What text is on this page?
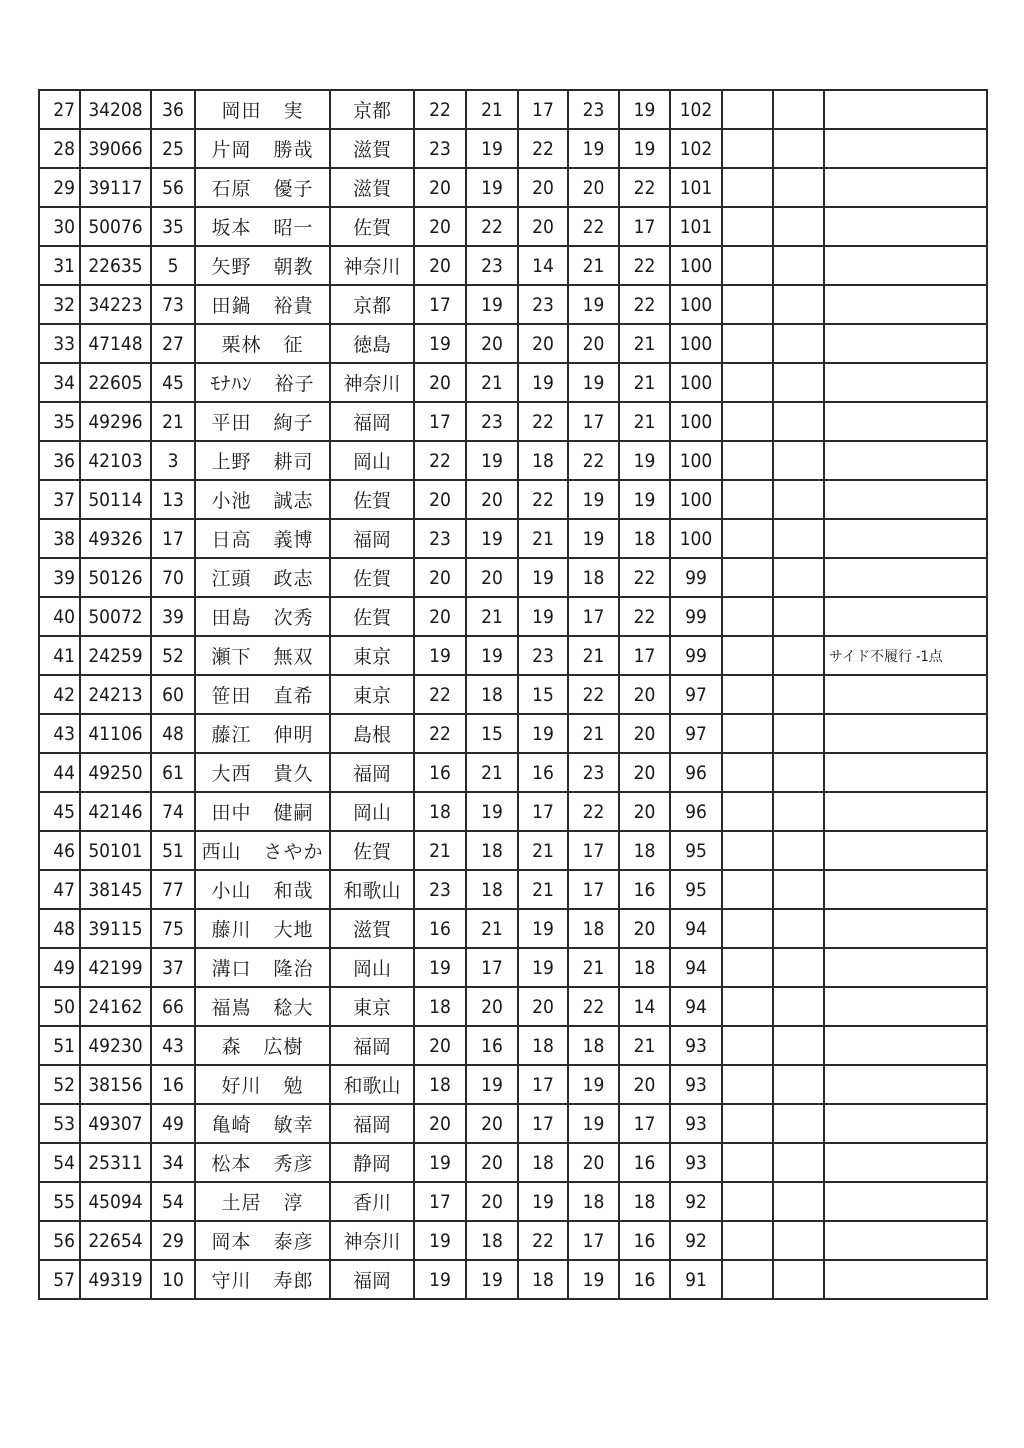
27	34208	36	岡田 実	京都	22	21	17	23	19	102			
28	39066	25	片岡 勝哉	滋賀	23	19	22	19	19	102			
29	39117	56	石原 優子	滋賀	20	19	20	20	22	101			
30	50076	35	坂本 昭一	佐賀	20	22	20	22	17	101			
31	22635	5	矢野 朝教	神奈川	20	23	14	21	22	100			
32	34223	73	田鍋 裕貴	京都	17	19	23	19	22	100			
33	47148	27	栗林 征	徳島	19	20	20	20	21	100			
34	22605	45	ﾓﾅﾊﾝ 裕子	神奈川	20	21	19	19	21	100			
35	49296	21	平田 絢子	福岡	17	23	22	17	21	100			
36	42103	3	上野 耕司	岡山	22	19	18	22	19	100			
37	50114	13	小池 誠志	佐賀	20	20	22	19	19	100			
38	49326	17	日高 義博	福岡	23	19	21	19	18	100			
39	50126	70	江頭 政志	佐賀	20	20	19	18	22	99			
40	50072	39	田島 次秀	佐賀	20	21	19	17	22	99			
41	24259	52	瀬下 無双	東京	19	19	23	21	17	99			サイド不履行 -1点
42	24213	60	笹田 直希	東京	22	18	15	22	20	97			
43	41106	48	藤江 伸明	島根	22	15	19	21	20	97			
44	49250	61	大西 貴久	福岡	16	21	16	23	20	96			
45	42146	74	田中 健嗣	岡山	18	19	17	22	20	96			
46	50101	51	西山 さやか	佐賀	21	18	21	17	18	95			
47	38145	77	小山 和哉	和歌山	23	18	21	17	16	95			
48	39115	75	藤川 大地	滋賀	16	21	19	18	20	94			
49	42199	37	溝口 隆治	岡山	19	17	19	21	18	94			
50	24162	66	福嶌 稔大	東京	18	20	20	22	14	94			
51	49230	43	森 広樹	福岡	20	16	18	18	21	93			
52	38156	16	好川 勉	和歌山	18	19	17	19	20	93			
53	49307	49	亀崎 敏幸	福岡	20	20	17	19	17	93			
54	25311	34	松本 秀彦	静岡	19	20	18	20	16	93			
55	45094	54	土居 淳	香川	17	20	19	18	18	92			
56	22654	29	岡本 泰彦	神奈川	19	18	22	17	16	92			
57	49319	10	守川 寿郎	福岡	19	19	18	19	16	91			
